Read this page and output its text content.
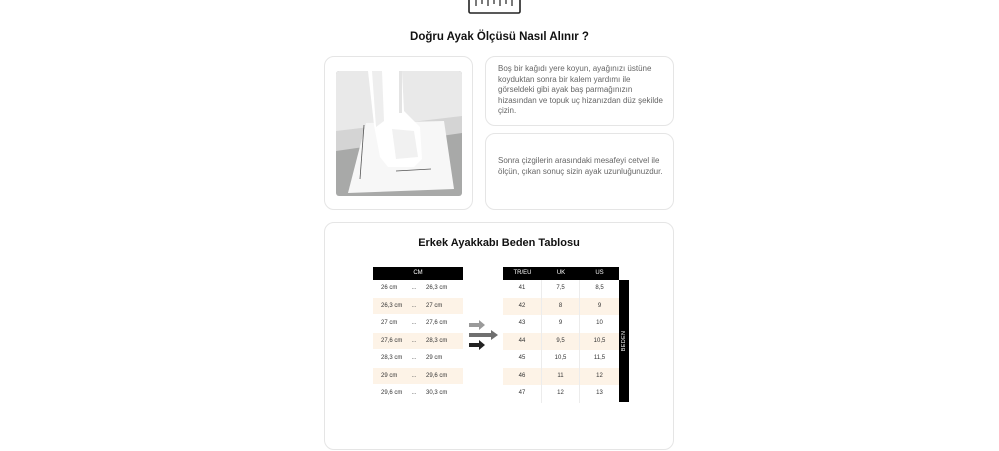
Doğru Ayak Ölçüsü Nasıl Alınır ?
Boş bir kağıdı yere koyun, ayağınızı üstüne koyduktan sonra bir kalem yardımı ile görseldeki gibi ayak baş parmağınızın hizasından ve topuk uç hizanızdan düz şekilde çizin.
Sonra çizgilerin arasındaki mesafeyi cetvel ile ölçün, çıkan sonuç sizin ayak uzunluğunuzdur.
Erkek Ayakkabı Beden Tablosu
CM
26 cm	...	26,3 cm
26,3 cm	...	27 cm
27 cm	...	27,6 cm
27,6 cm	...	28,3 cm
28,3 cm	...	29 cm
29 cm	...	29,6 cm
29,6 cm	...	30,3 cm
TR/EU	UK	US
41	7,5	8,5
42	8	9
43	9	10
44	9,5	10,5
45	10,5	11,5
46	11	12
47	12	13
BEDEN
